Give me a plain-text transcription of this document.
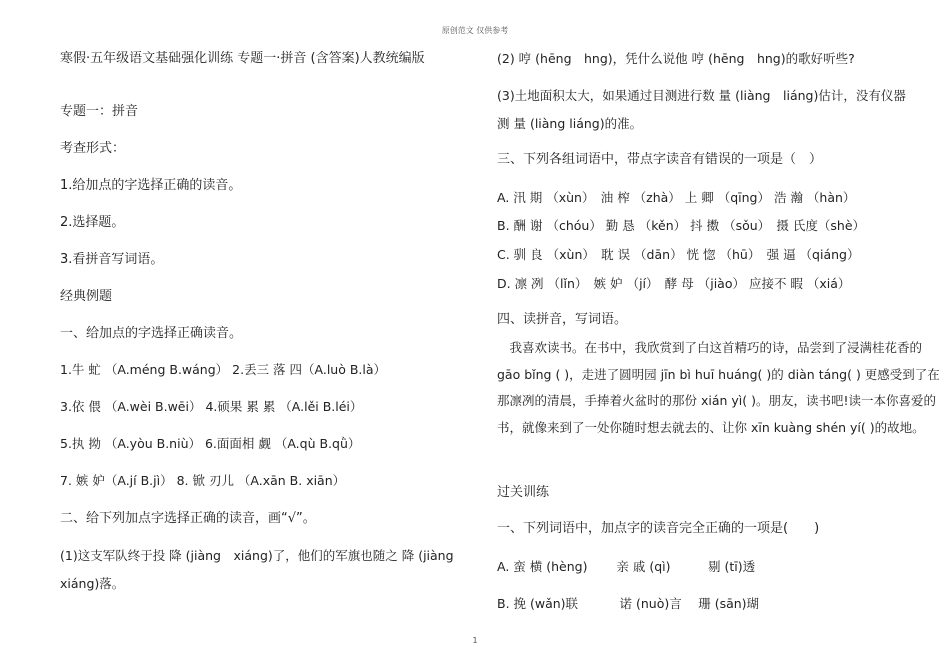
原创范文 仅供参考
寒假·五年级语文基础强化训练 专题一·拼音 (含答案)人教统编版
专题一：拼音
考查形式：
1.给加点的字选择正确的读音。
2.选择题。
3.看拼音写词语。
经典例题
一、给加点的字选择正确读音。
1.牛 虻 （A.méng B.wáng） 2.丢三 落 四（A.luò B.là）
3.依 偎 （A.wèi B.wēi） 4.硕果 累 累 （A.lěi B.léi）
5.执 拗 （A.yòu B.niù） 6.面面相 觑 （A.qù B.qǜ）
7. 嫉 妒（A.jí B.jì） 8. 锨 刃儿 （A.xān B. xiān）
二、给下列加点字选择正确的读音，画“√”。
(1)这支军队终于投 降 (jiàng　xiáng)了，他们的军旗也随之 降 (jiàng
xiáng)落。
(2) 哼 (hēng　hng)，凭什么说他 哼 (hēng　hng)的歌好听些?
(3)土地面积太大，如果通过目测进行数 量 (liàng　liáng)估计，没有仪器
测 量 (liàng liáng)的准。
三、下列各组词语中，带点字读音有错误的一项是（　）
A. 汛 期 （xùn）　油 榨 （zhà） 上 卿 （qīng） 浩 瀚 （hàn）
B. 酬 谢 （chóu） 勤 恳 （kěn） 抖 擞 （sǒu）　摄 氏度（shè）
C. 驯 良 （xùn）　耽 误 （dān） 恍 惚 （hū）　强 逼 （qiáng）
D. 凛 冽 （lǐn）　嫉 妒 （jí）　酵 母 （jiào） 应接不 暇 （xiá）
四、读拼音，写词语。
　我喜欢读书。在书中，我欣赏到了白这首精巧的诗，品尝到了浸满桂花香的 gāo bǐng ( )，走进了圆明园 jīn bì huī huáng( )的 diàn táng( ) 更感受到了在那凛冽的清晨，手捧着火盆时的那份 xián yì( )。朋友，读书吧!读一本你喜爱的书，就像来到了一处你随时想去就去的、让你 xīn kuàng shén yí( )的故地。
过关训练
一、下列词语中，加点字的读音完全正确的一项是(　　)
A. 蛮 横 (hèng)　　 亲 戚 (qì)　　　剔 (tī)透
B. 挽 (wǎn)联　　　 诺 (nuò)言　 珊 (sān)瑚
1
